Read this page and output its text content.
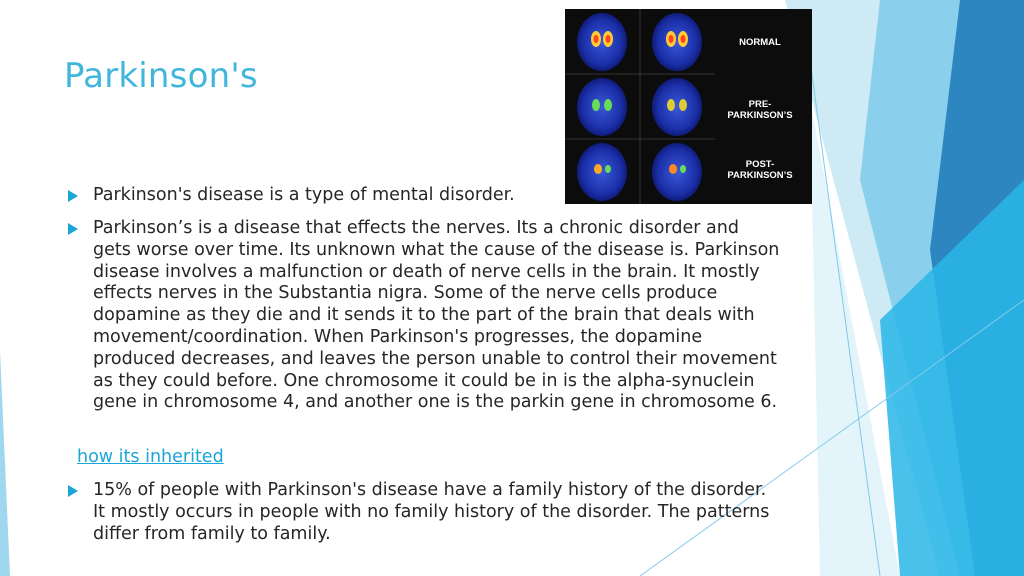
Parkinson's
NORMAL
PRE-
PARKINSON’S
POST-
PARKINSON’S
Parkinson's disease is a type of mental disorder.
Parkinson’s is a disease that effects the nerves. Its a chronic disorder and gets worse over time. Its unknown what the cause of the disease is. Parkinson disease involves a malfunction or death of nerve cells in the brain. It mostly effects nerves in the Substantia nigra. Some of the nerve cells produce dopamine as they die and it sends it to the part of the brain that deals with movement/coordination. When Parkinson's progresses, the dopamine produced decreases, and leaves the person unable to control their movement as they could before. One chromosome it could be in is the alpha-synuclein gene in chromosome 4, and another one is the parkin gene in chromosome 6.
how its inherited
15% of people with Parkinson's disease have a family history of the disorder. It mostly occurs in people with no family history of the disorder. The patterns differ from family to family.
